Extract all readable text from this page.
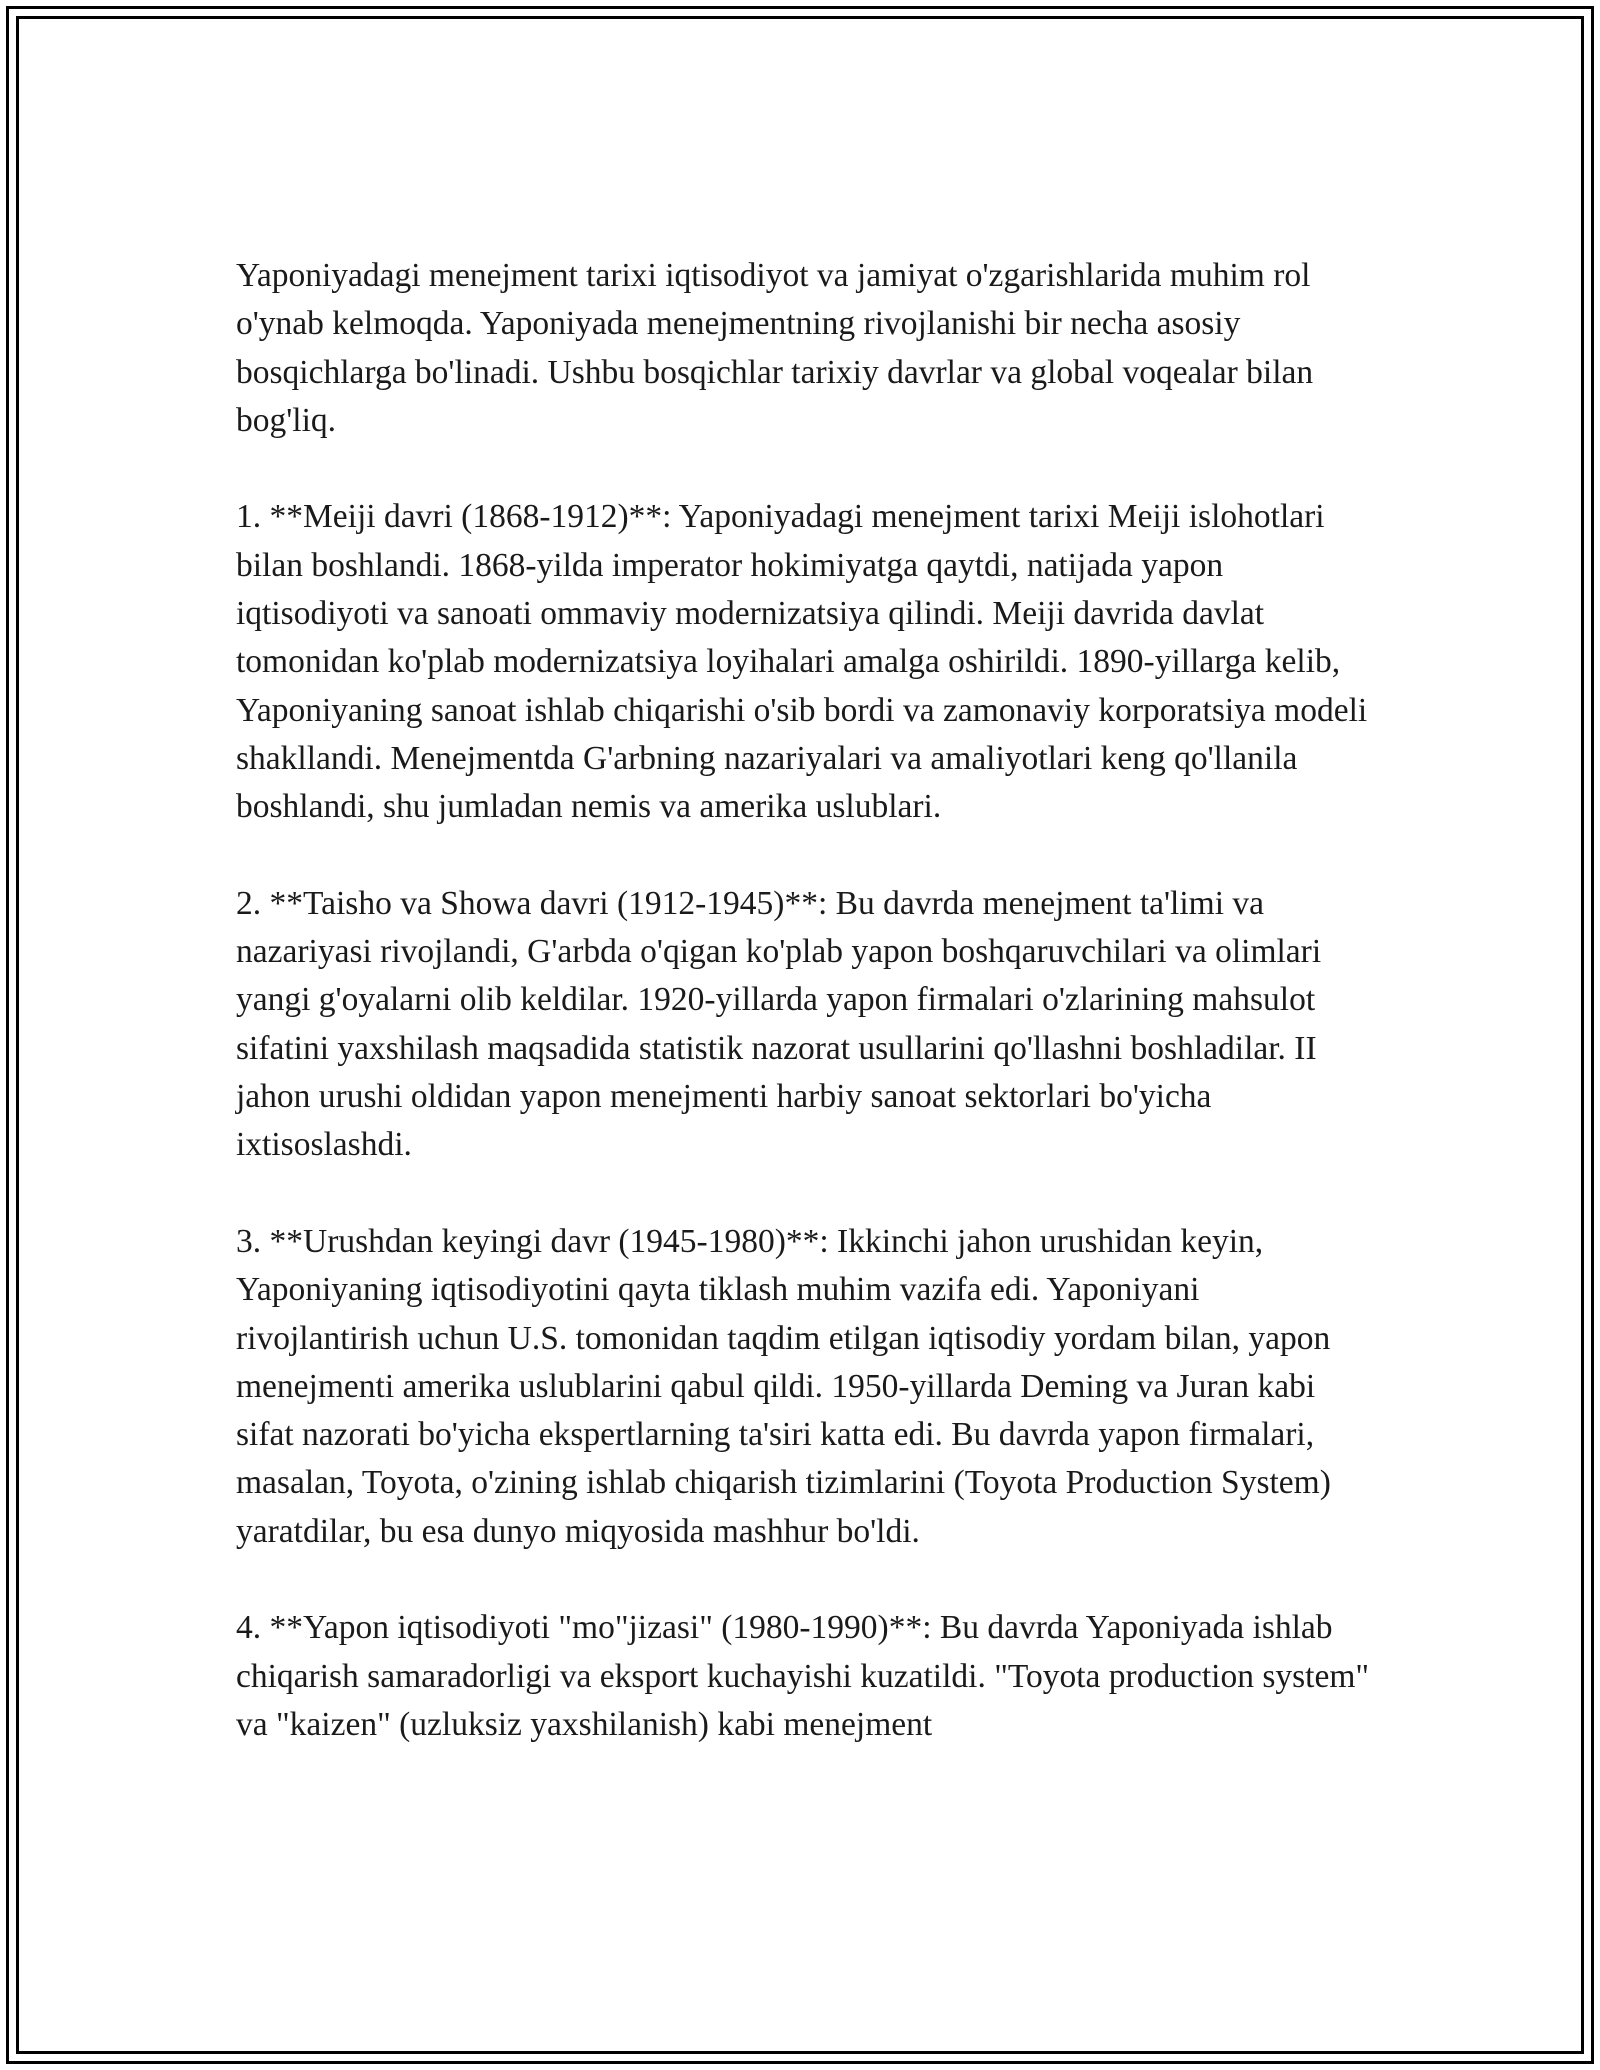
Yaponiyadagi menejment tarixi iqtisodiyot va jamiyat o'zgarishlarida muhim rol o'ynab kelmoqda. Yaponiyada menejmentning rivojlanishi bir necha asosiy bosqichlarga bo'linadi. Ushbu bosqichlar tarixiy davrlar va global voqealar bilan bog'liq.

1. **Meiji davri (1868-1912)**: Yaponiyadagi menejment tarixi Meiji islohotlari bilan boshlandi. 1868-yilda imperator hokimiyatga qaytdi, natijada yapon iqtisodiyoti va sanoati ommaviy modernizatsiya qilindi. Meiji davrida davlat tomonidan ko'plab modernizatsiya loyihalari amalga oshirildi. 1890-yillarga kelib, Yaponiyaning sanoat ishlab chiqarishi o'sib bordi va zamonaviy korporatsiya modeli shakllandi. Menejmentda G'arbning nazariyalari va amaliyotlari keng qo'llanila boshlandi, shu jumladan nemis va amerika uslublari.

2. **Taisho va Showa davri (1912-1945)**: Bu davrda menejment ta'limi va nazariyasi rivojlandi, G'arbda o'qigan ko'plab yapon boshqaruvchilari va olimlari yangi g'oyalarni olib keldilar. 1920-yillarda yapon firmalari o'zlarining mahsulot sifatini yaxshilash maqsadida statistik nazorat usullarini qo'llashni boshladilar. II jahon urushi oldidan yapon menejmenti harbiy sanoat sektorlari bo'yicha ixtisoslashdi.

3. **Urushdan keyingi davr (1945-1980)**: Ikkinchi jahon urushidan keyin, Yaponiyaning iqtisodiyotini qayta tiklash muhim vazifa edi. Yaponiyani rivojlantirish uchun U.S. tomonidan taqdim etilgan iqtisodiy yordam bilan, yapon menejmenti amerika uslublarini qabul qildi. 1950-yillarda Deming va Juran kabi sifat nazorati bo'yicha ekspertlarning ta'siri katta edi. Bu davrda yapon firmalari, masalan, Toyota, o'zining ishlab chiqarish tizimlarini (Toyota Production System) yaratdilar, bu esa dunyo miqyosida mashhur bo'ldi.

4. **Yapon iqtisodiyoti "mo"jizasi" (1980-1990)**: Bu davrda Yaponiyada ishlab chiqarish samaradorligi va eksport kuchayishi kuzatildi. "Toyota production system" va "kaizen" (uzluksiz yaxshilanish) kabi menejment
